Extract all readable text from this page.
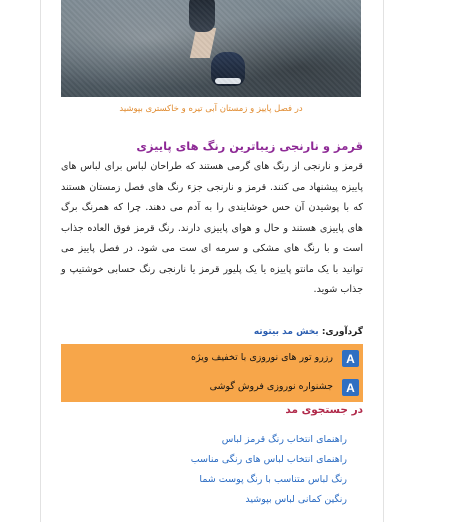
در فصل پاییز و زمستان آبی تیره و خاکستری بپوشید
قرمز و نارنجی زیباترین رنگ های پاییزی
قرمز و نارنجی از رنگ های گرمی هستند که طراحان لباس برای لباس های پاییزه پیشنهاد می کنند. قرمز و نارنجی جزء رنگ های فصل زمستان هستند که با پوشیدن آن حس خوشایندی را به آدم می دهند. چرا که همرنگ برگ های پاییزی هستند و حال و هوای پاییزی دارند. رنگ قرمز فوق العاده جذاب است و با رنگ های مشکی و سرمه ای ست می شود. در فصل پاییز می توانید با یک مانتو پاییزه یا یک پلیور قرمز یا نارنجی رنگ حسابی خوشتیپ و جذاب شوید.
گردآوری: بخش مد بیتوته
A
رزرو تور های نوروزی با تخفیف ویژه
A
جشنواره نوروزی فروش گوشی
در جستجوی مد
راهنمای انتخاب رنگ قرمز لباس
راهنمای انتخاب لباس های رنگی مناسب
رنگ لباس متناسب با رنگ پوست شما
رنگین کمانی لباس بپوشید
